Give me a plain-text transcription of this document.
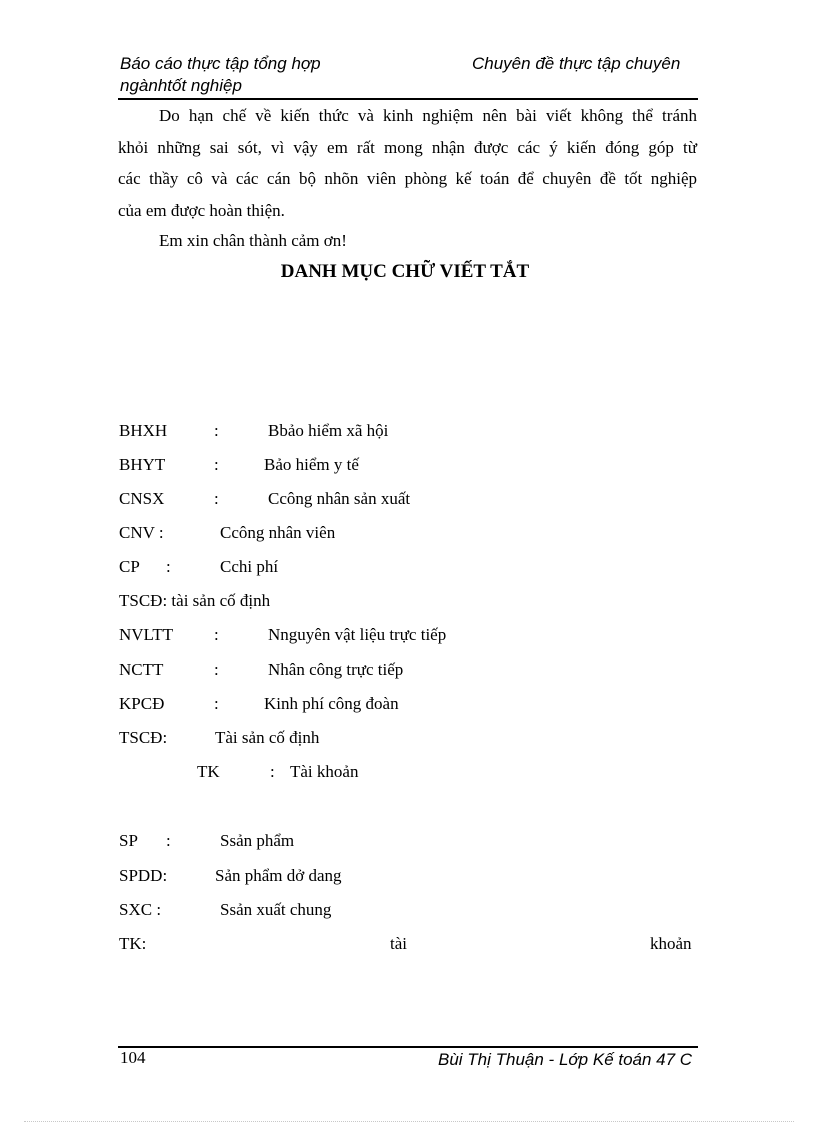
Báo cáo thực tập tổng hợp
ngànhtốt nghiệp
Chuyên đề thực tập chuyên
Do hạn chế về kiến thức và kinh nghiệm nên bài viết không thể tránh
khỏi những sai sót, vì vậy em rất mong nhận được các ý kiến đóng góp từ
các thầy cô và các cán bộ nhõn viên phòng kế toán để chuyên đề tốt nghiệp
của em được hoàn thiện.
Em xin chân thành cảm ơn!
DANH MỤC CHỮ VIẾT TẮT
BHXH	:	Bbảo hiểm xã hội
BHYT	:	Bảo hiểm y tế
CNSX	:	Ccông nhân sản xuất
CNV :	Ccông nhân viên
CP :	Cchi phí
TSCĐ: tài sản cố định
NVLTT :	Nnguyên vật liệu trực tiếp
NCTT	:	Nhân công trực tiếp
KPCĐ	:	Kinh phí công đoàn
TSCĐ:	Tài sản cố định
TK	: Tài khoản
SP :	Ssản phẩm
SPDD:	Sản phẩm dở dang
SXC :	Ssản xuất chung
TK:	tài	khoản
104	Bùi Thị Thuận - Lớp Kế toán 47 C
